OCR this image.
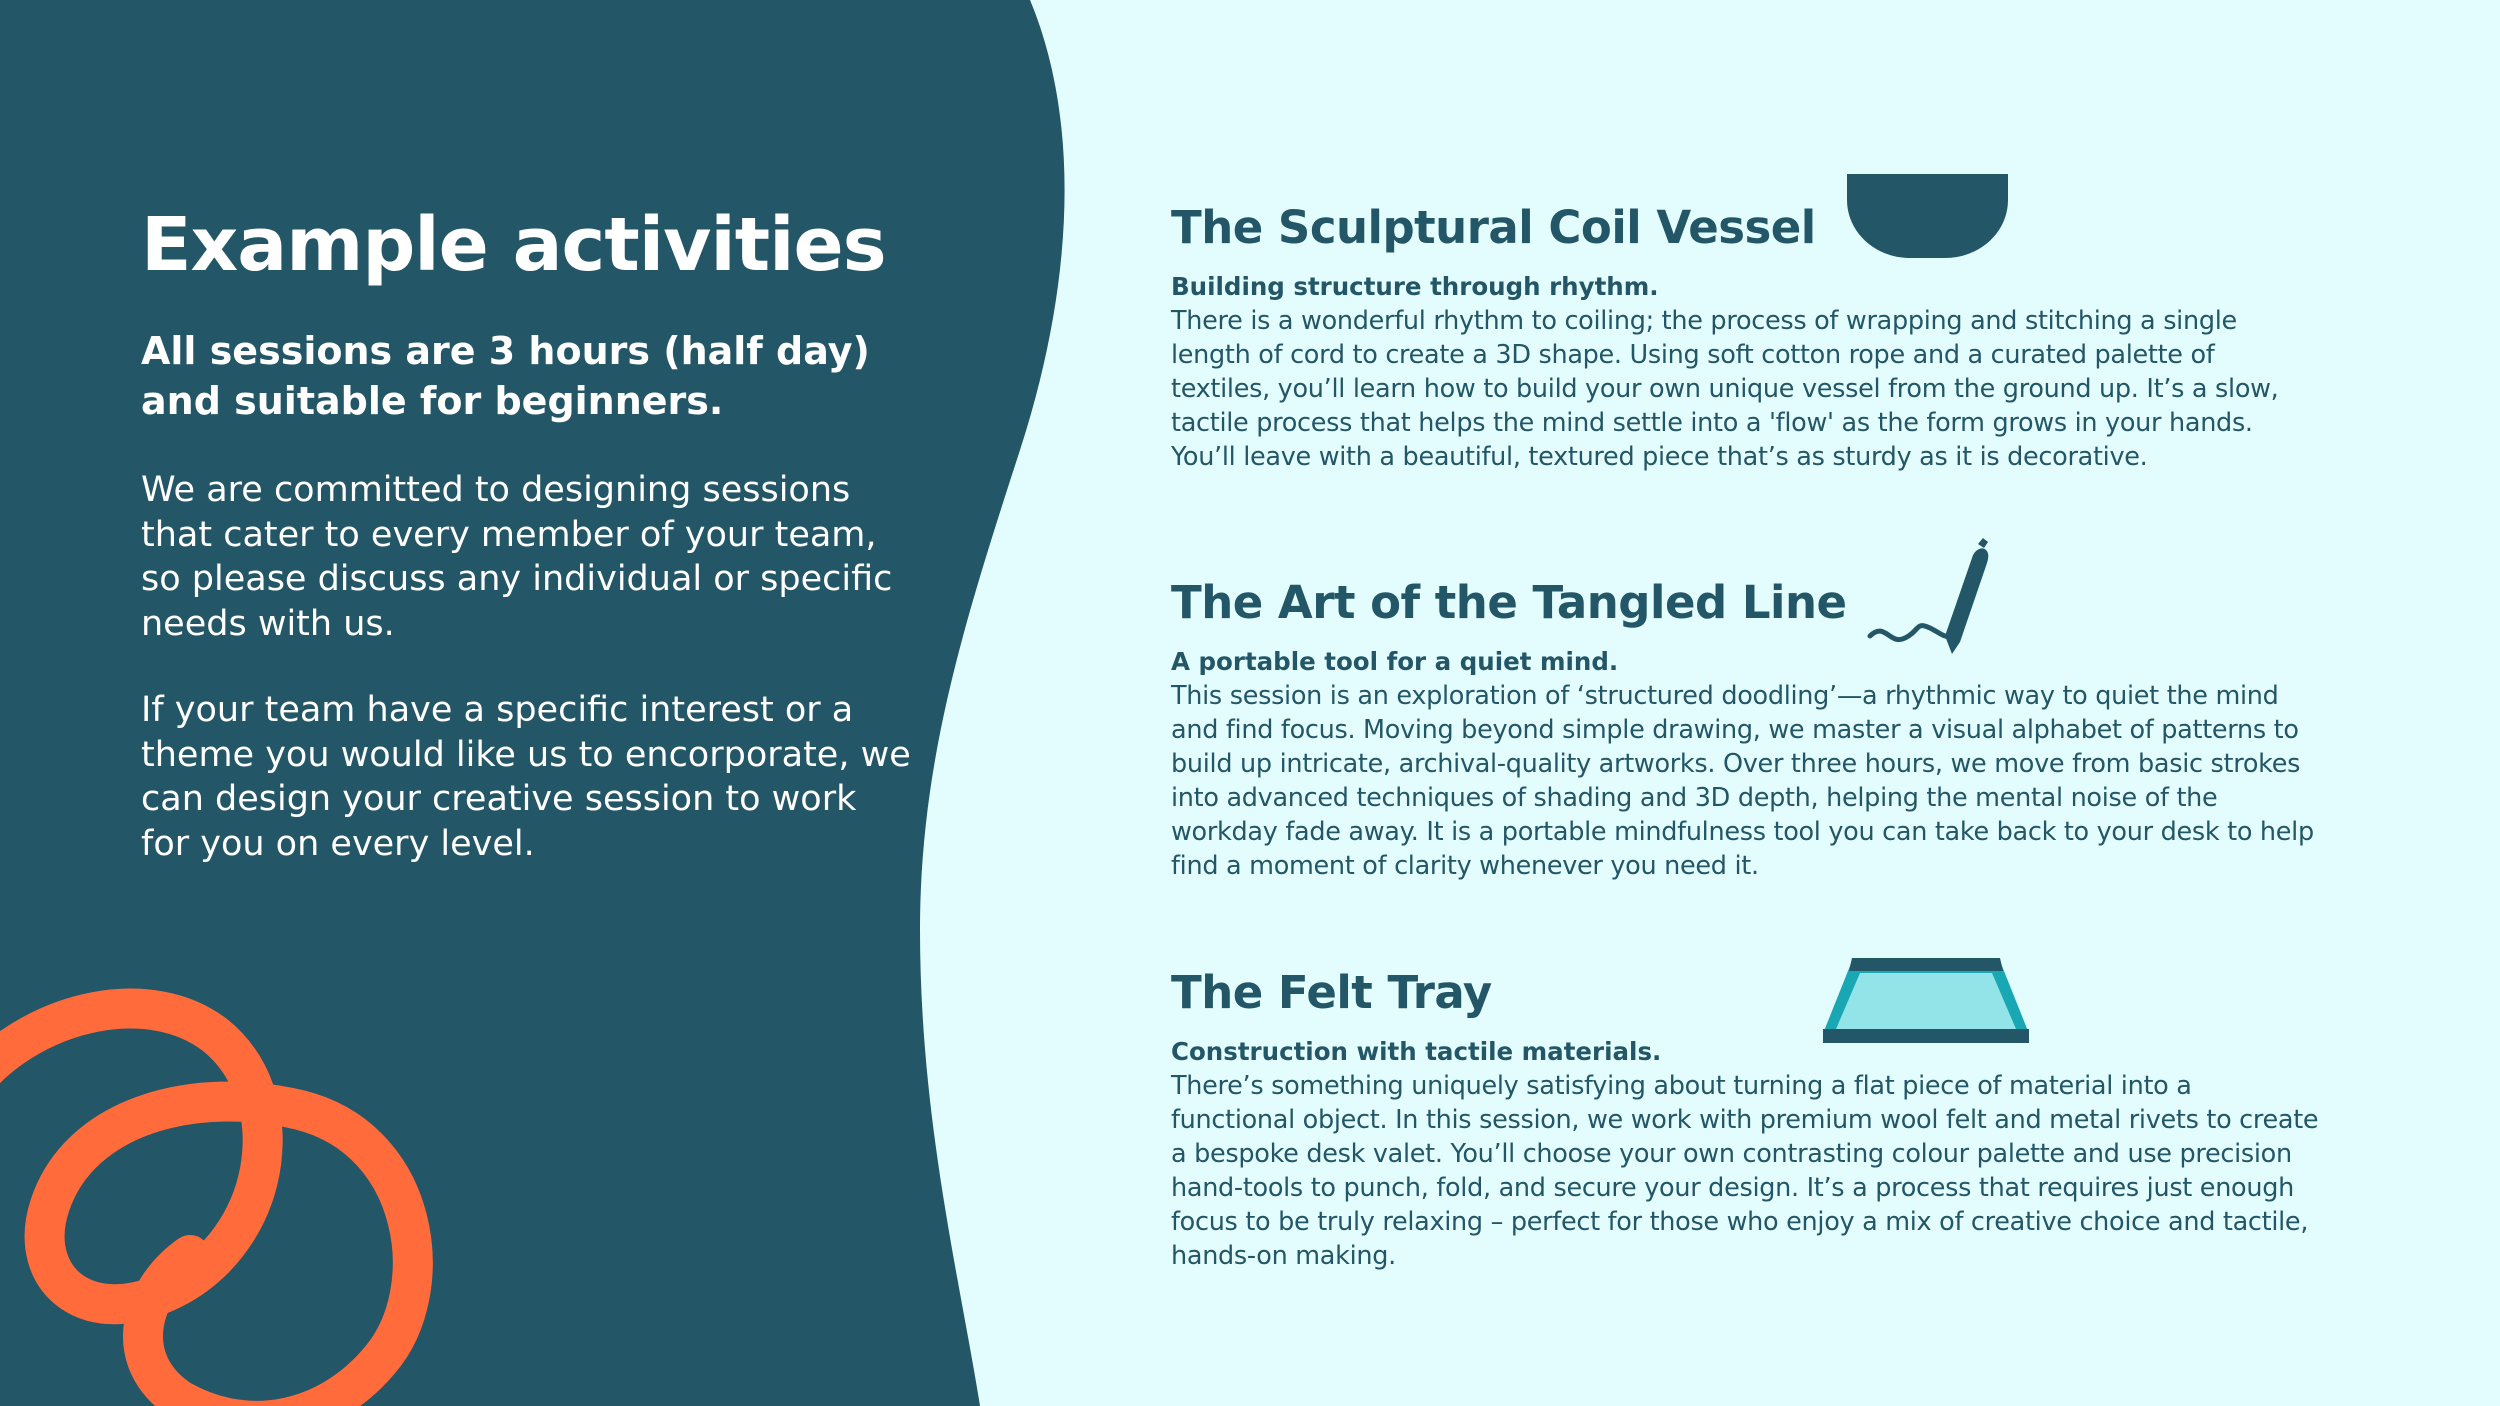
Example activities

All sessions are 3 hours (half day) and suitable for beginners.

We are committed to designing sessions that cater to every member of your team, so please discuss any individual or specific needs with us.

If your team have a specific interest or a theme you would like us to encorporate, we can design your creative session to work for you on every level.

The Sculptural Coil Vessel

Building structure through rhythm.

There is a wonderful rhythm to coiling; the process of wrapping and stitching a single length of cord to create a 3D shape. Using soft cotton rope and a curated palette of textiles, you’ll learn how to build your own unique vessel from the ground up. It’s a slow, tactile process that helps the mind settle into a 'flow' as the form grows in your hands. You’ll leave with a beautiful, textured piece that’s as sturdy as it is decorative.

The Art of the Tangled Line

A portable tool for a quiet mind.

This session is an exploration of ‘structured doodling’—a rhythmic way to quiet the mind and find focus. Moving beyond simple drawing, we master a visual alphabet of patterns to build up intricate, archival-quality artworks. Over three hours, we move from basic strokes into advanced techniques of shading and 3D depth, helping the mental noise of the workday fade away. It is a portable mindfulness tool you can take back to your desk to help find a moment of clarity whenever you need it.

The Felt Tray

Construction with tactile materials.

There’s something uniquely satisfying about turning a flat piece of material into a functional object. In this session, we work with premium wool felt and metal rivets to create a bespoke desk valet. You’ll choose your own contrasting colour palette and use precision hand-tools to punch, fold, and secure your design. It’s a process that requires just enough focus to be truly relaxing – perfect for those who enjoy a mix of creative choice and tactile, hands-on making.
